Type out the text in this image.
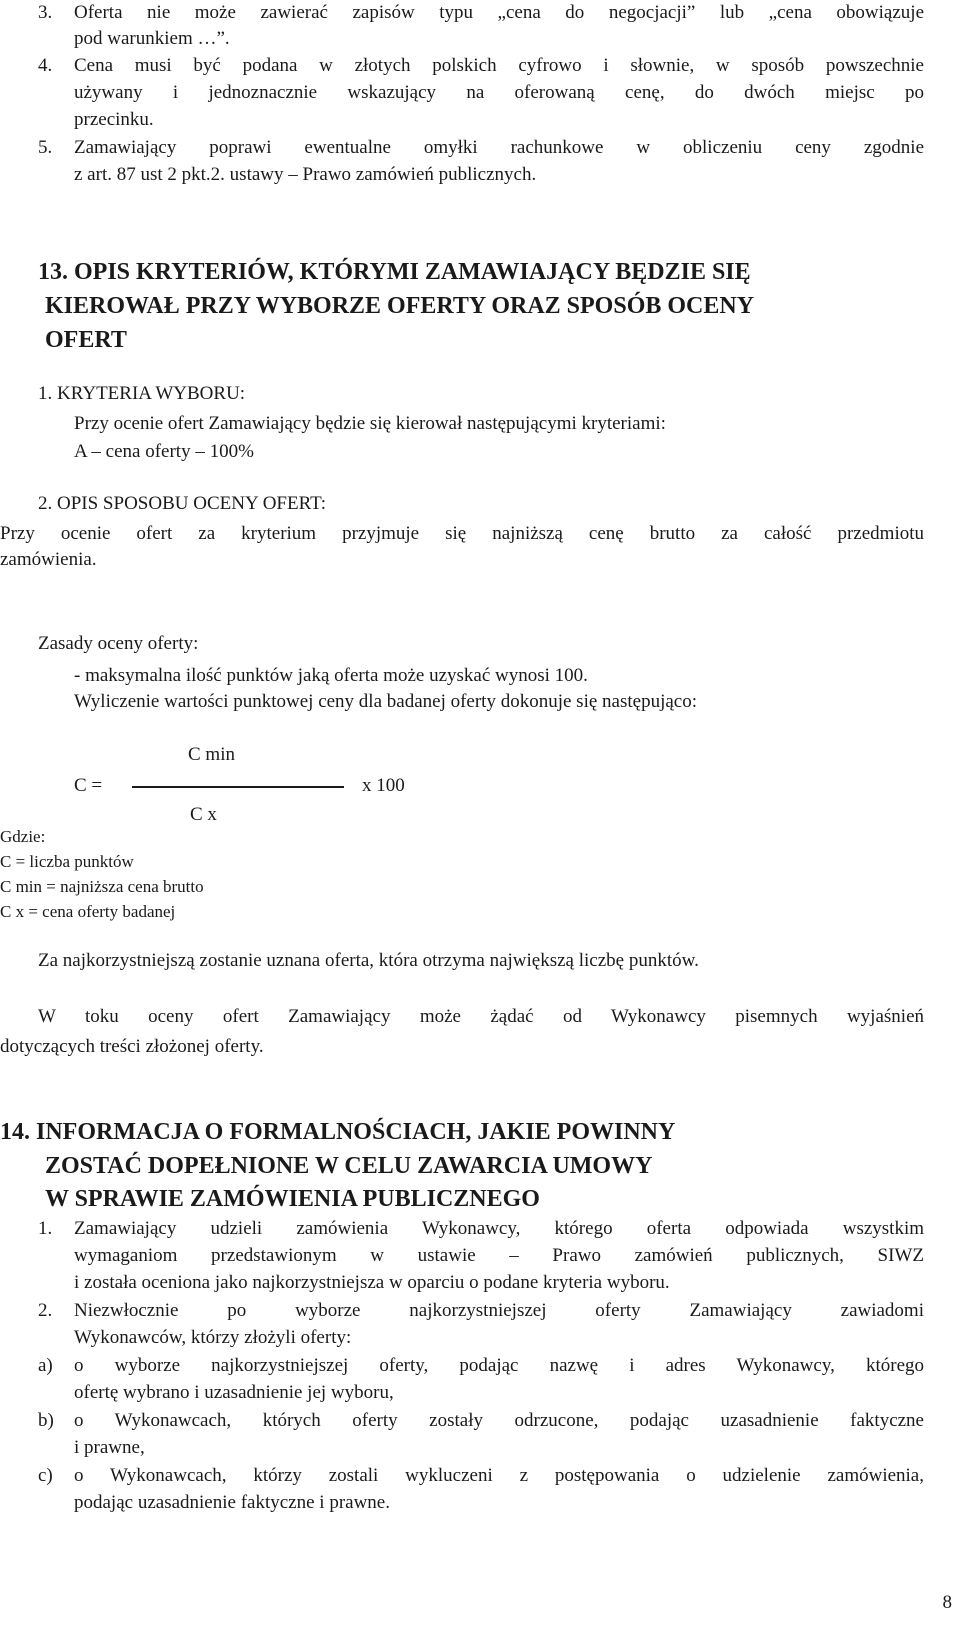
3. Oferta nie może zawierać zapisów typu „cena do negocjacji” lub „cena obowiązuje
pod warunkiem …”.
4. Cena musi być podana w złotych polskich cyfrowo i słownie, w sposób powszechnie
używany i jednoznacznie wskazujący na oferowaną cenę, do dwóch miejsc po
przecinku.
5. Zamawiający poprawi ewentualne omyłki rachunkowe w obliczeniu ceny zgodnie
z art. 87 ust 2 pkt.2. ustawy – Prawo zamówień publicznych.
13. OPIS KRYTERIÓW, KTÓRYMI ZAMAWIAJĄCY BĘDZIE SIĘ
KIEROWAŁ PRZY WYBORZE OFERTY ORAZ SPOSÓB OCENY
OFERT
1. KRYTERIA WYBORU:
Przy ocenie ofert Zamawiający będzie się kierował następującymi kryteriami:
A – cena oferty – 100%
2. OPIS SPOSOBU OCENY OFERT:
Przy ocenie ofert za kryterium przyjmuje się najniższą cenę brutto za całość przedmiotu
zamówienia.
Zasady oceny oferty:
- maksymalna ilość punktów jaką oferta może uzyskać wynosi 100.
Wyliczenie wartości punktowej ceny dla badanej oferty dokonuje się następująco:
C min
C =	x 100
C x
Gdzie:
C = liczba punktów
C min = najniższa cena brutto
C x = cena oferty badanej
Za najkorzystniejszą zostanie uznana oferta, która otrzyma największą liczbę punktów.
W toku oceny ofert Zamawiający może żądać od Wykonawcy pisemnych wyjaśnień
dotyczących treści złożonej oferty.
14. INFORMACJA O FORMALNOŚCIACH, JAKIE POWINNY
ZOSTAĆ DOPEŁNIONE W CELU ZAWARCIA UMOWY
W SPRAWIE ZAMÓWIENIA PUBLICZNEGO
1. Zamawiający udzieli zamówienia Wykonawcy, którego oferta odpowiada wszystkim
wymaganiom przedstawionym w ustawie – Prawo zamówień publicznych, SIWZ
i została oceniona jako najkorzystniejsza w oparciu o podane kryteria wyboru.
2. Niezwłocznie po wyborze najkorzystniejszej oferty Zamawiający zawiadomi
Wykonawców, którzy złożyli oferty:
a) o wyborze najkorzystniejszej oferty, podając nazwę i adres Wykonawcy, którego
ofertę wybrano i uzasadnienie jej wyboru,
b) o Wykonawcach, których oferty zostały odrzucone, podając uzasadnienie faktyczne
i prawne,
c) o Wykonawcach, którzy zostali wykluczeni z postępowania o udzielenie zamówienia,
podając uzasadnienie faktyczne i prawne.
8
